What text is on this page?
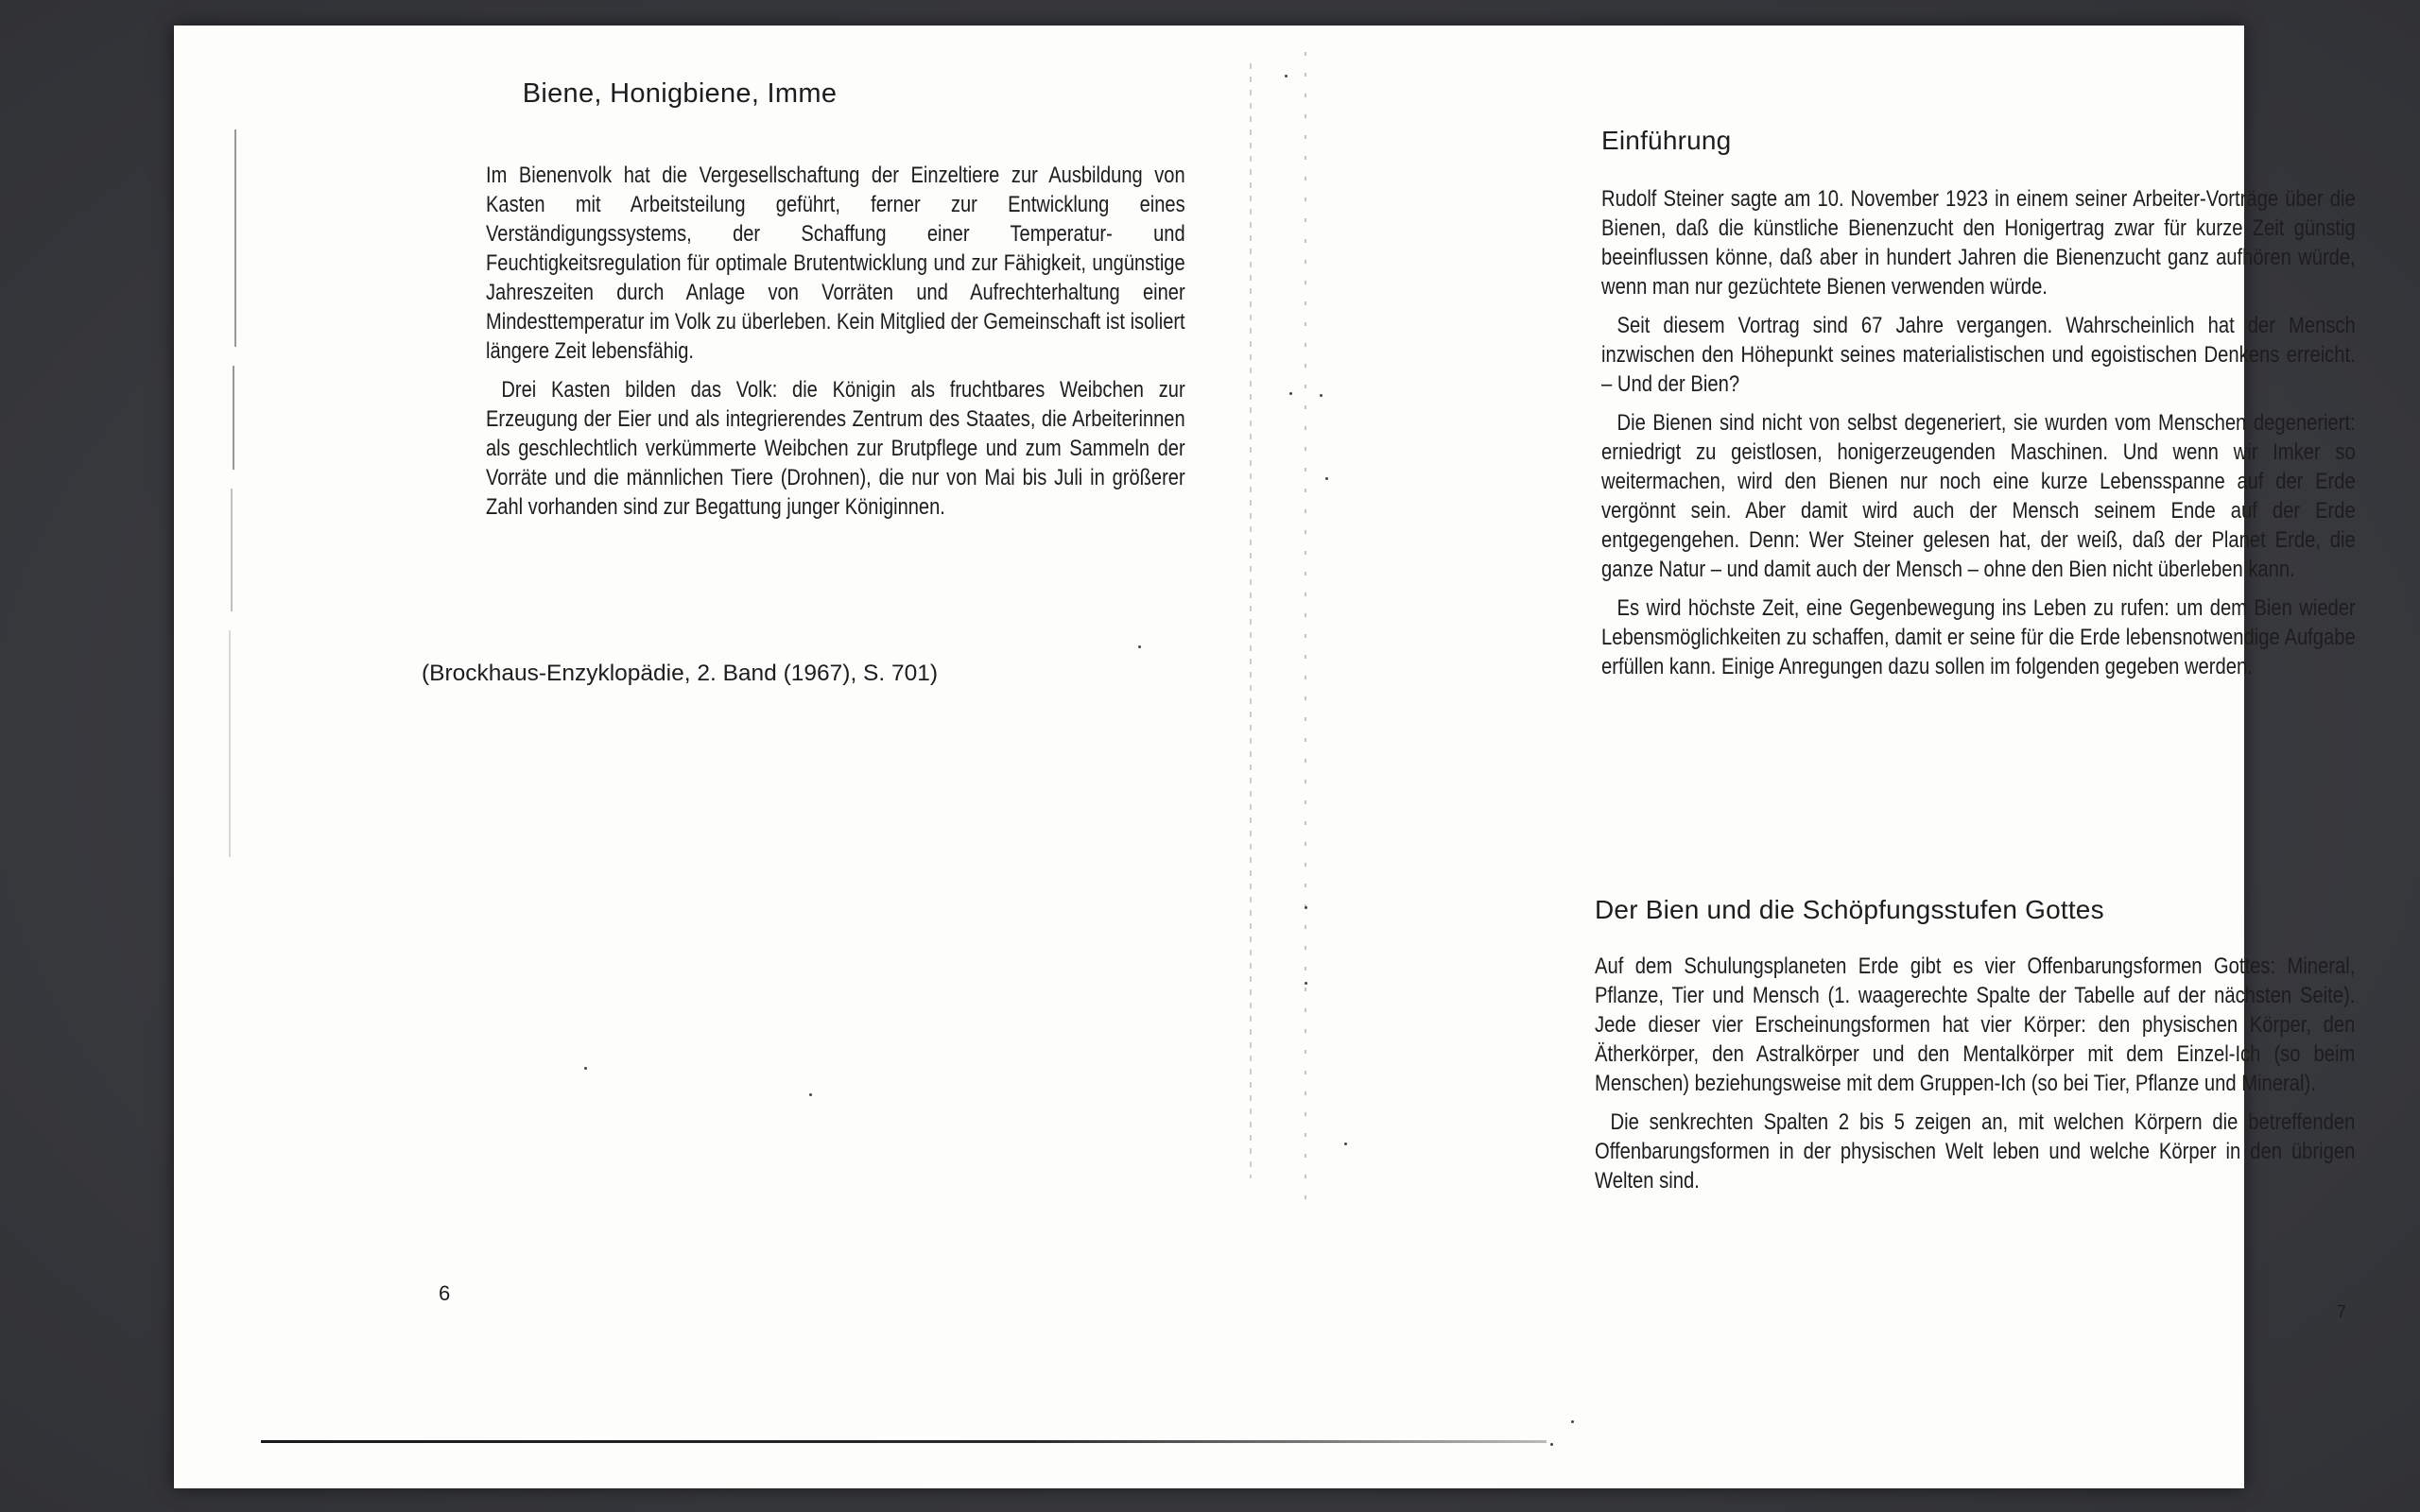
Biene, Honigbiene, Imme

Im Bienenvolk hat die Vergesellschaftung der Einzeltiere zur Ausbildung von Kasten mit Arbeitsteilung geführt, ferner zur Entwicklung eines Verständigungssystems, der Schaffung einer Temperatur- und Feuchtigkeitsregulation für optimale Brutentwicklung und zur Fähigkeit, ungünstige Jahreszeiten durch Anlage von Vorräten und Aufrechterhaltung einer Mindesttemperatur im Volk zu überleben. Kein Mitglied der Gemeinschaft ist isoliert längere Zeit lebensfähig.

Drei Kasten bilden das Volk: die Königin als fruchtbares Weibchen zur Erzeugung der Eier und als integrierendes Zentrum des Staates, die Arbeiterinnen als geschlechtlich verkümmerte Weibchen zur Brutpflege und zum Sammeln der Vorräte und die männlichen Tiere (Drohnen), die nur von Mai bis Juli in größerer Zahl vorhanden sind zur Begattung junger Königinnen.

(Brockhaus-Enzyklopädie, 2. Band (1967), S. 701)
6
Einführung

Rudolf Steiner sagte am 10. November 1923 in einem seiner Arbeiter-Vorträge über die Bienen, daß die künstliche Bienenzucht den Honigertrag zwar für kurze Zeit günstig beeinflussen könne, daß aber in hundert Jahren die Bienenzucht ganz aufhören würde, wenn man nur gezüchtete Bienen verwenden würde.

Seit diesem Vortrag sind 67 Jahre vergangen. Wahrscheinlich hat der Mensch inzwischen den Höhepunkt seines materialistischen und egoistischen Denkens erreicht. – Und der Bien?

Die Bienen sind nicht von selbst degeneriert, sie wurden vom Menschen degeneriert: erniedrigt zu geistlosen, honigerzeugenden Maschinen. Und wenn wir Imker so weitermachen, wird den Bienen nur noch eine kurze Lebensspanne auf der Erde vergönnt sein. Aber damit wird auch der Mensch seinem Ende auf der Erde entgegengehen. Denn: Wer Steiner gelesen hat, der weiß, daß der Planet Erde, die ganze Natur – und damit auch der Mensch – ohne den Bien nicht überleben kann.

Es wird höchste Zeit, eine Gegenbewegung ins Leben zu rufen: um dem Bien wieder Lebensmöglichkeiten zu schaffen, damit er seine für die Erde lebensnotwendige Aufgabe erfüllen kann. Einige Anregungen dazu sollen im folgenden gegeben werden.

Der Bien und die Schöpfungsstufen Gottes

Auf dem Schulungsplaneten Erde gibt es vier Offenbarungsformen Gottes: Mineral, Pflanze, Tier und Mensch (1. waagerechte Spalte der Tabelle auf der nächsten Seite). Jede dieser vier Erscheinungsformen hat vier Körper: den physischen Körper, den Ätherkörper, den Astralkörper und den Mentalkörper mit dem Einzel-Ich (so beim Menschen) beziehungsweise mit dem Gruppen-Ich (so bei Tier, Pflanze und Mineral).

Die senkrechten Spalten 2 bis 5 zeigen an, mit welchen Körpern die betreffenden Offenbarungsformen in der physischen Welt leben und welche Körper in den übrigen Welten sind.

7
